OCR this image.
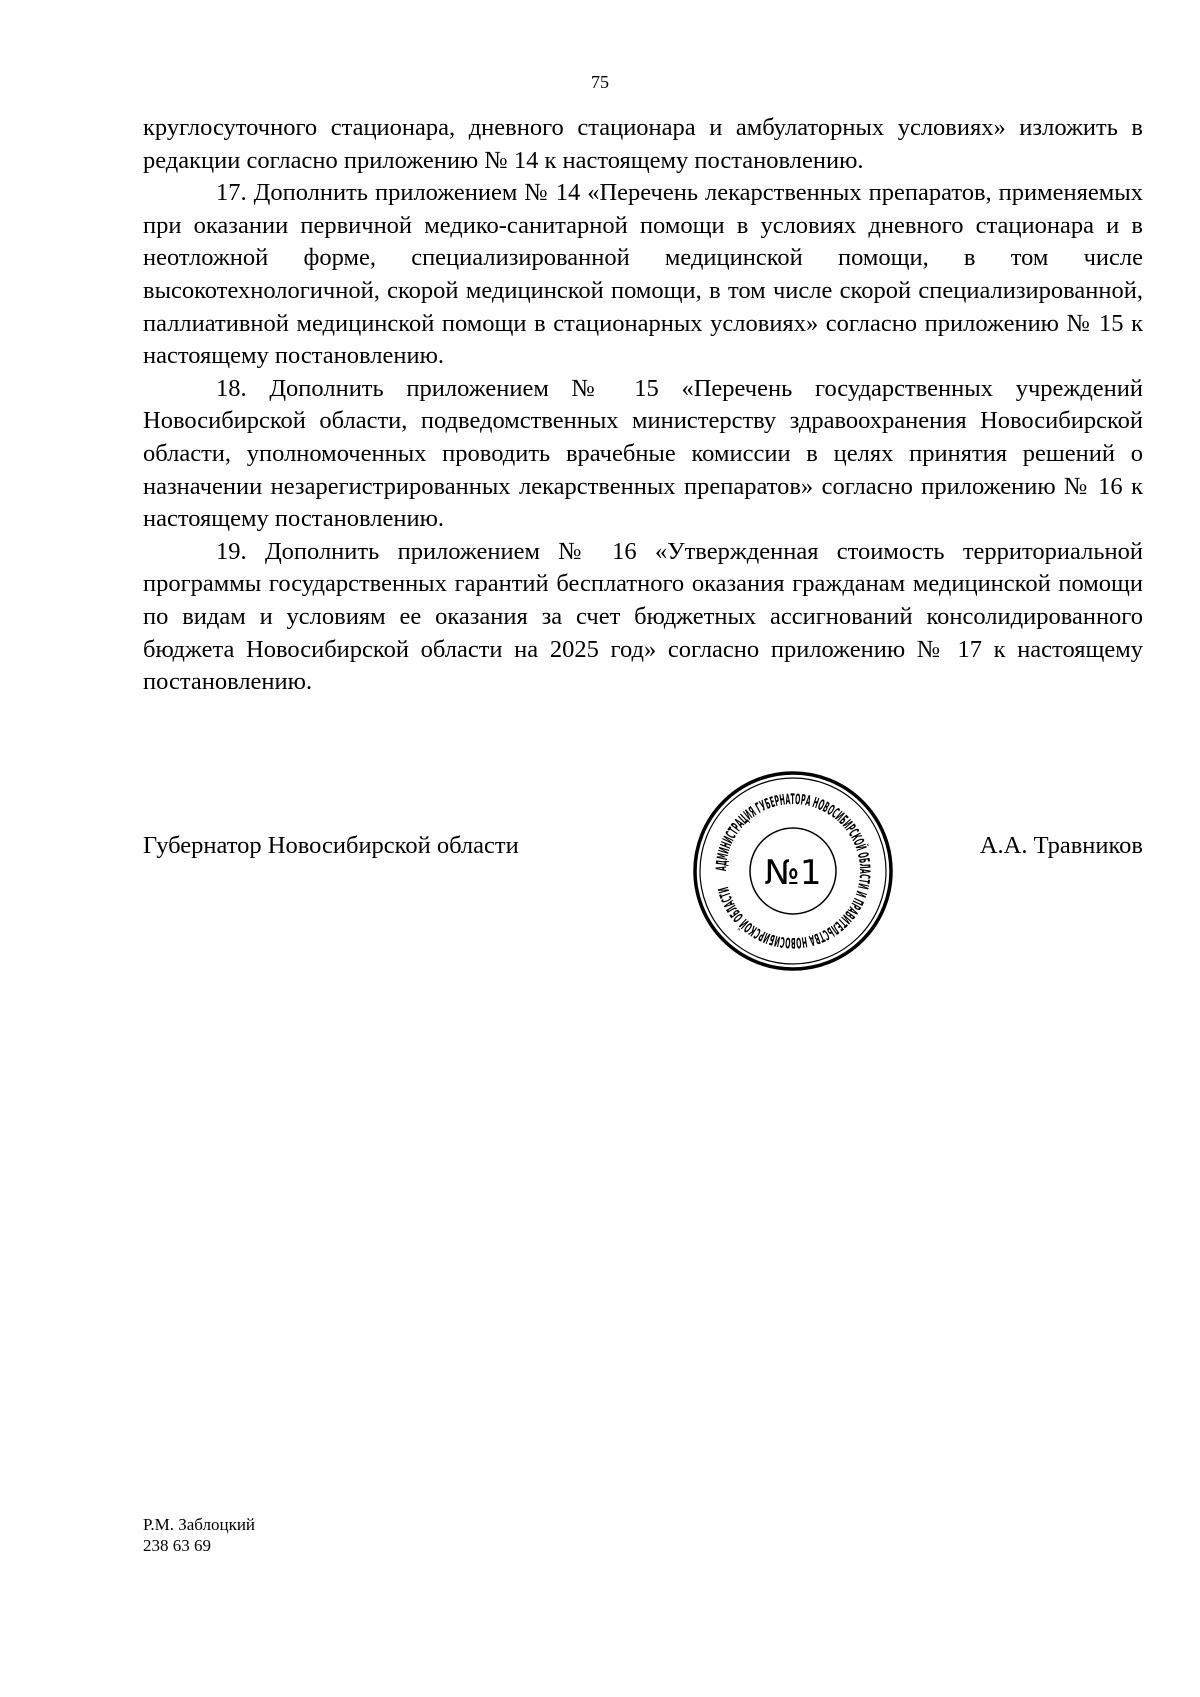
75

круглосуточного стационара, дневного стационара и амбулаторных условиях» изложить в редакции согласно приложению № 14 к настоящему постановлению.

17. Дополнить приложением № 14 «Перечень лекарственных препаратов, применяемых при оказании первичной медико-санитарной помощи в условиях дневного стационара и в неотложной форме, специализированной медицинской помощи, в том числе высокотехнологичной, скорой медицинской помощи, в том числе скорой специализированной, паллиативной медицинской помощи в стационарных условиях» согласно приложению № 15 к настоящему постановлению.

18. Дополнить приложением № 15 «Перечень государственных учреждений Новосибирской области, подведомственных министерству здравоохранения Новосибирской области, уполномоченных проводить врачебные комиссии в целях принятия решений о назначении незарегистрированных лекарственных препаратов» согласно приложению № 16 к настоящему постановлению.

19. Дополнить приложением № 16 «Утвержденная стоимость территориальной программы государственных гарантий бесплатного оказания гражданам медицинской помощи по видам и условиям ее оказания за счет бюджетных ассигнований консолидированного бюджета Новосибирской области на 2025 год» согласно приложению № 17 к настоящему постановлению.

Губернатор Новосибирской области	А.А. Травников
АДМИНИСТРАЦИЯ ГУБЕРНАТОРА НОВОСИБИРСКОЙ ОБЛАСТИ И ПРАВИТЕЛЬСТВА НОВОСИБИРСКОЙ ОБЛАСТИ №1
Р.М. Заблоцкий
238 63 69
